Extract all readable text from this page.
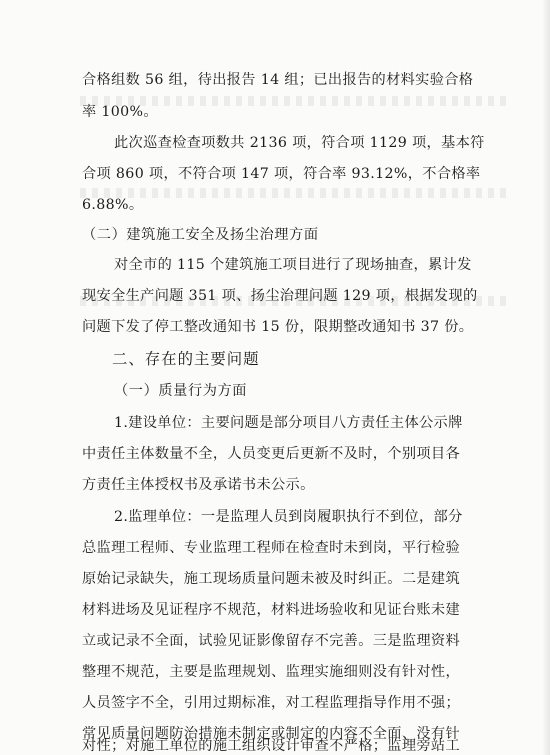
合格组数 56 组，待出报告 14 组；已出报告的材料实验合格
率 100%。
此次巡查检查项数共 2136 项，符合项 1129 项，基本符
合项 860 项，不符合项 147 项，符合率 93.12%，不合格率
6.88%。
（二）建筑施工安全及扬尘治理方面
对全市的 115 个建筑施工项目进行了现场抽查，累计发
现安全生产问题 351 项、扬尘治理问题 129 项，根据发现的
问题下发了停工整改通知书 15 份，限期整改通知书 37 份。
二、存在的主要问题
（一）质量行为方面
1.建设单位：主要问题是部分项目八方责任主体公示牌
中责任主体数量不全，人员变更后更新不及时，个别项目各
方责任主体授权书及承诺书未公示。
2.监理单位：一是监理人员到岗履职执行不到位，部分
总监理工程师、专业监理工程师在检查时未到岗，平行检验
原始记录缺失，施工现场质量问题未被及时纠正。二是建筑
材料进场及见证程序不规范，材料进场验收和见证台账未建
立或记录不全面，试验见证影像留存不完善。三是监理资料
整理不规范，主要是监理规划、监理实施细则没有针对性，
人员签字不全，引用过期标准，对工程监理指导作用不强；
常见质量问题防治措施未制定或制定的内容不全面、没有针
对性；对施工单位的施工组织设计审查不严格；监理旁站工
